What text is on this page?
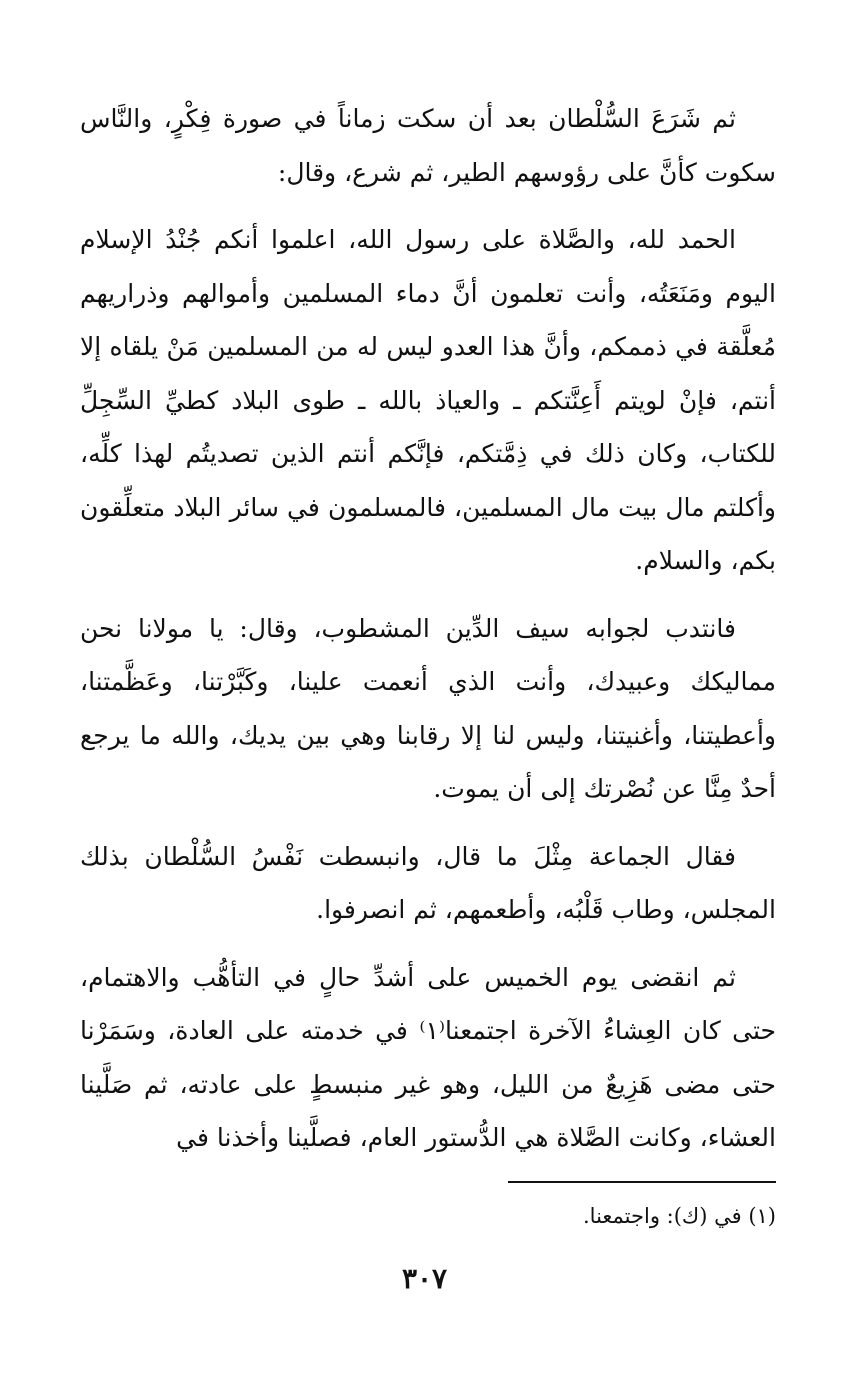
ثم شَرَعَ السُّلْطان بعد أن سكت زماناً في صورة فِكْرٍ، والنَّاس سكوت كأنَّ على رؤوسهم الطير، ثم شرع، وقال:

الحمد لله، والصَّلاة على رسول الله، اعلموا أنكم جُنْدُ الإسلام اليوم ومَنَعَتُه، وأنت تعلمون أنَّ دماء المسلمين وأموالهم وذراريهم مُعلَّقة في ذممكم، وأنَّ هذا العدو ليس له من المسلمين مَنْ يلقاه إلا أنتم، فإنْ لويتم أَعِنَّتكم ـ والعياذ بالله ـ طوى البلاد كطيِّ السِّجِلِّ للكتاب، وكان ذلك في ذِمَّتكم، فإنَّكم أنتم الذين تصديتُم لهذا كلِّه، وأكلتم مال بيت مال المسلمين، فالمسلمون في سائر البلاد متعلِّقون بكم، والسلام.

فانتدب لجوابه سيف الدِّين المشطوب، وقال: يا مولانا نحن مماليكك وعبيدك، وأنت الذي أنعمت علينا، وكَبَّرْتنا، وعَظَّمتنا، وأعطيتنا، وأغنيتنا، وليس لنا إلا رقابنا وهي بين يديك، والله ما يرجع أحدٌ مِنَّا عن نُصْرتك إلى أن يموت.

فقال الجماعة مِثْلَ ما قال، وانبسطت نَفْسُ السُّلْطان بذلك المجلس، وطاب قَلْبُه، وأطعمهم، ثم انصرفوا.

ثم انقضى يوم الخميس على أشدِّ حالٍ في التأهُّب والاهتمام، حتى كان العِشاءُ الآخرة اجتمعنا⁽١⁾ في خدمته على العادة، وسَمَرْنا حتى مضى هَزِيعٌ من الليل، وهو غير منبسطٍ على عادته، ثم صَلَّينا العشاء، وكانت الصَّلاة هي الدُّستور العام، فصلَّينا وأخذنا في

(١) في (ك): واجتمعنا.
٣٠٧
